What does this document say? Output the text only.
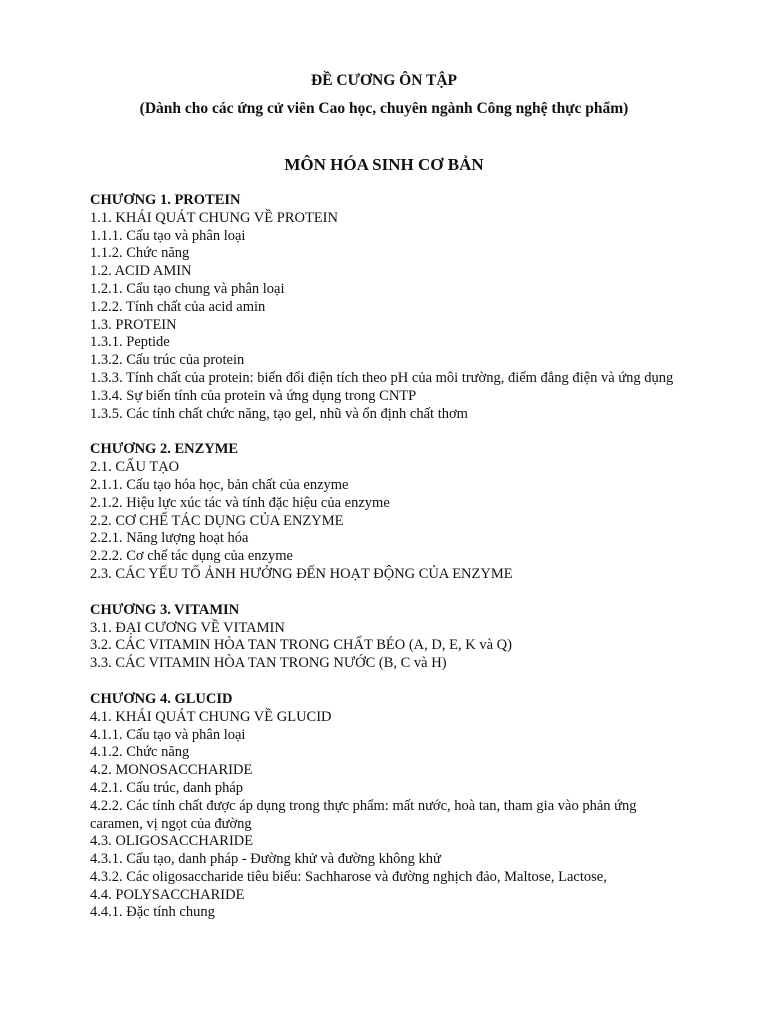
ĐỀ CƯƠNG ÔN TẬP
(Dành cho các ứng cử viên Cao học, chuyên ngành Công nghệ thực phẩm)
MÔN HÓA SINH CƠ BẢN
CHƯƠNG 1. PROTEIN
1.1. KHÁI QUÁT CHUNG VỀ PROTEIN
1.1.1. Cấu tạo và phân loại
1.1.2. Chức năng
1.2. ACID AMIN
1.2.1. Cấu tạo chung và phân loại
1.2.2. Tính chất của acid amin
1.3. PROTEIN
1.3.1. Peptide
1.3.2. Cấu trúc của protein
1.3.3. Tính chất của protein: biến đổi điện tích theo pH của môi trường, điểm đẳng điện và ứng dụng
1.3.4. Sự biến tính của protein và ứng dụng trong CNTP
1.3.5. Các tính chất chức năng, tạo gel, nhũ và ổn định chất thơm
CHƯƠNG 2. ENZYME
2.1. CẤU TẠO
2.1.1. Cấu tạo hóa học, bản chất của enzyme
2.1.2. Hiệu lực xúc tác và tính đặc hiệu của enzyme
2.2. CƠ CHẾ TÁC DỤNG CỦA ENZYME
2.2.1. Năng lượng hoạt hóa
2.2.2. Cơ chế tác dụng của enzyme
2.3. CÁC YẾU TỐ ẢNH HƯỞNG ĐẾN HOẠT ĐỘNG CỦA ENZYME
CHƯƠNG 3. VITAMIN
3.1. ĐẠI CƯƠNG VỀ VITAMIN
3.2. CÁC VITAMIN HÒA TAN TRONG CHẤT BÉO (A, D, E, K và Q)
3.3. CÁC VITAMIN HÒA TAN TRONG NƯỚC (B, C và H)
CHƯƠNG 4. GLUCID
4.1. KHÁI QUÁT CHUNG VỀ GLUCID
4.1.1. Cấu tạo và phân loại
4.1.2. Chức năng
4.2. MONOSACCHARIDE
4.2.1. Cấu trúc, danh pháp
4.2.2. Các tính chất được áp dụng trong thực phẩm: mất nước, hoà tan, tham gia vào phản ứng caramen, vị ngọt của đường
4.3. OLIGOSACCHARIDE
4.3.1. Cấu tạo, danh pháp - Đường khử và đường không khử
4.3.2. Các oligosaccharide tiêu biểu: Sachharose và đường nghịch đảo, Maltose, Lactose,
4.4. POLYSACCHARIDE
4.4.1. Đặc tính chung
